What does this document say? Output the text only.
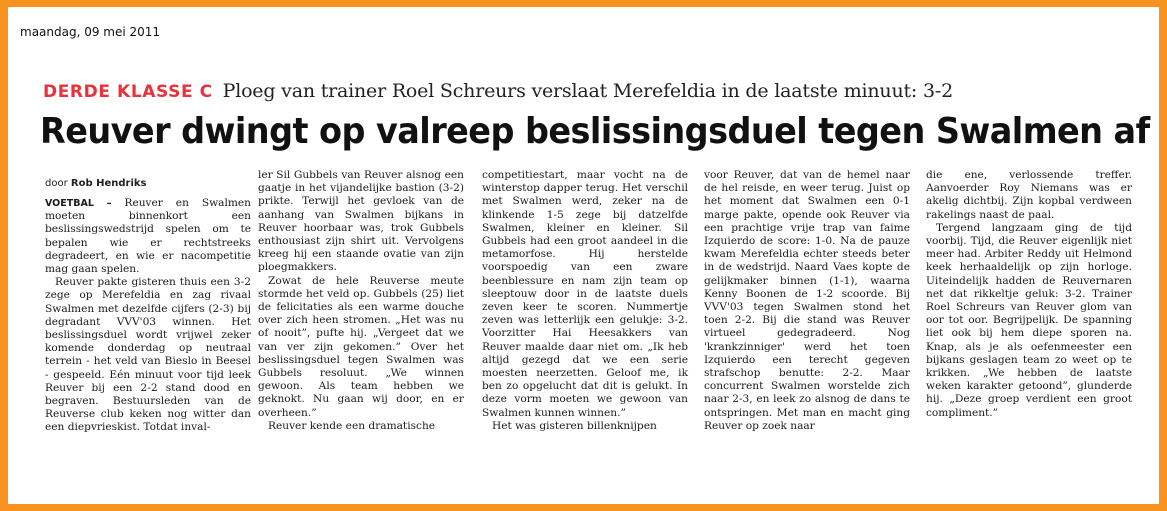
maandag, 09 mei 2011
DERDE KLASSE C Ploeg van trainer Roel Schreurs verslaat Merefeldia in de laatste minuut: 3-2
Reuver dwingt op valreep beslissingsduel tegen Swalmen af
door Rob Hendriks

VOETBAL – Reuver en Swalmen moeten binnenkort een beslissingswedstrijd spelen om te bepalen wie er rechtstreeks degradeert, en wie er nacompetitie mag gaan spelen.

Reuver pakte gisteren thuis een 3-2 zege op Merefeldia en zag rivaal Swalmen met dezelfde cijfers (2-3) bij degradant VVV'03 winnen. Het beslissingsduel wordt vrijwel zeker komende donderdag op neutraal terrein - het veld van Bieslo in Beesel - gespeeld. Eén minuut voor tijd leek Reuver bij een 2-2 stand dood en begraven. Bestuursleden van de Reuverse club keken nog witter dan een diepvrieskist. Totdat inval-

ler Sil Gubbels van Reuver alsnog een gaatje in het vijandelijke bastion (3-2) prikte. Terwijl het gevloek van de aanhang van Swalmen bijkans in Reuver hoorbaar was, trok Gubbels enthousiast zijn shirt uit. Vervolgens kreeg hij een staande ovatie van zijn ploegmakkers.

Zowat de hele Reuverse meute stormde het veld op. Gubbels (25) liet de felicitaties als een warme douche over zich heen stromen. „Het was nu of nooit”, pufte hij. „Vergeet dat we van ver zijn gekomen.” Over het beslissingsduel tegen Swalmen was Gubbels resoluut. „We winnen gewoon. Als team hebben we geknokt. Nu gaan wij door, en er overheen.”

Reuver kende een dramatische

competitiestart, maar vocht na de winterstop dapper terug. Het verschil met Swalmen werd, zeker na de klinkende 1-5 zege bij datzelfde Swalmen, kleiner en kleiner. Sil Gubbels had een groot aandeel in die metamorfose. Hij herstelde voorspoedig van een zware beenblessure en nam zijn team op sleeptouw door in de laatste duels zeven keer te scoren. Nummertje zeven was letterlijk een gelukje: 3-2. Voorzitter Hai Heesakkers van Reuver maalde daar niet om. „Ik heb altijd gezegd dat we een serie moesten neerzetten. Geloof me, ik ben zo opgelucht dat dit is gelukt. In deze vorm moeten we gewoon van Swalmen kunnen winnen.”

Het was gisteren billenknijpen

voor Reuver, dat van de hemel naar de hel reisde, en weer terug. Juist op het moment dat Swalmen een 0-1 marge pakte, opende ook Reuver via een prachtige vrije trap van faime Izquierdo de score: 1-0. Na de pauze kwam Merefeldia echter steeds beter in de wedstrijd. Naard Vaes kopte de gelijkmaker binnen (1-1), waarna Kenny Boonen de 1-2 scoorde. Bij VVV'03 tegen Swalmen stond het toen 2-2. Bij die stand was Reuver virtueel gedegradeerd. Nog 'krankzinniger' werd het toen Izquierdo een terecht gegeven strafschop benutte: 2-2. Maar concurrent Swalmen worstelde zich naar 2-3, en leek zo alsnog de dans te ontspringen. Met man en macht ging Reuver op zoek naar

die ene, verlossende treffer. Aanvoerder Roy Niemans was er akelig dichtbij. Zijn kopbal verdween rakelings naast de paal.

Tergend langzaam ging de tijd voorbij. Tijd, die Reuver eigenlijk niet meer had. Arbiter Reddy uit Helmond keek herhaaldelijk op zijn horloge. Uiteindelijk hadden de Reuvernaren net dat rikkeltje geluk: 3-2. Trainer Roel Schreurs van Reuver glom van oor tot oor. Begrijpelijk. De spanning liet ook bij hem diepe sporen na. Knap, als je als oefenmeester een bijkans geslagen team zo weet op te krikken. „We hebben de laatste weken karakter getoond”, glunderde hij. „Deze groep verdient een groot compliment.”
